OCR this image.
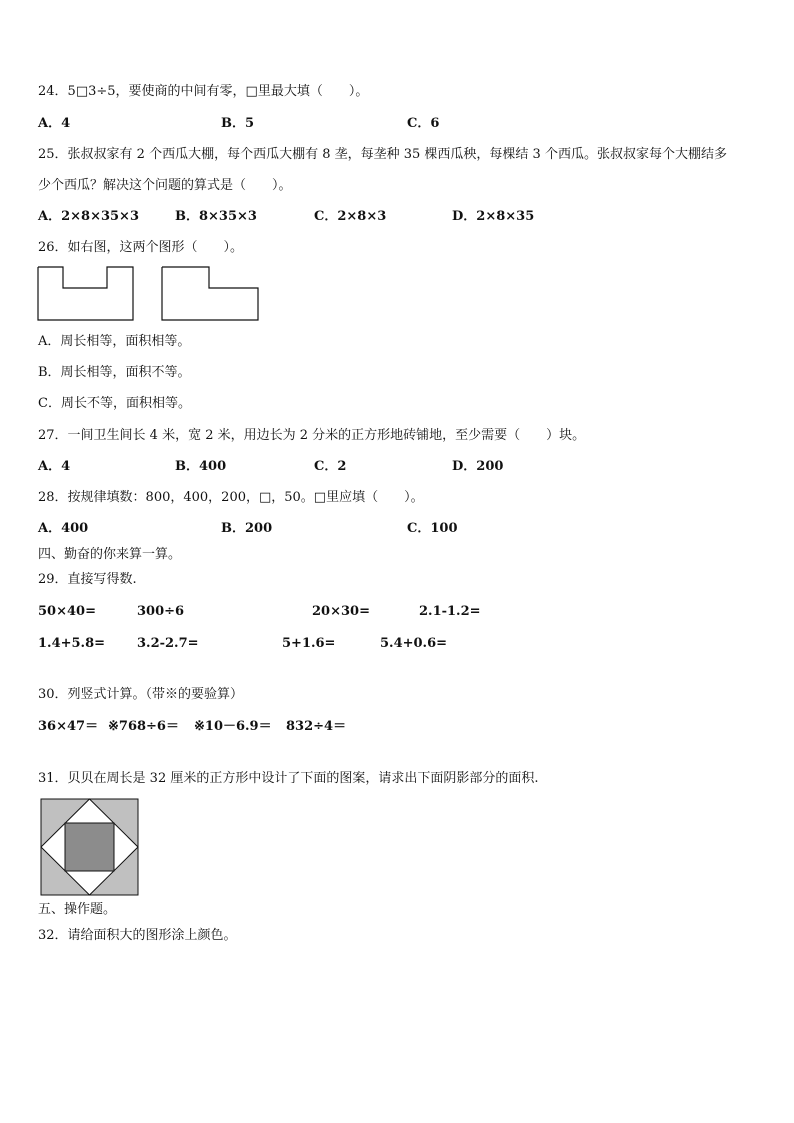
24．5□3÷5，要使商的中间有零，□里最大填（　　）。
A．4	B．5	C．6
25．张叔叔家有 2 个西瓜大棚，每个西瓜大棚有 8 垄，每垄种 35 棵西瓜秧，每棵结 3 个西瓜。张叔叔家每个大棚结多
少个西瓜？解决这个问题的算式是（　　）。
A．2×8×35×3	B．8×35×3	C．2×8×3	D．2×8×35
26．如右图，这两个图形（　　）。
A．周长相等，面积相等。
B．周长相等，面积不等。
C．周长不等，面积相等。
27．一间卫生间长 4 米，宽 2 米，用边长为 2 分米的正方形地砖铺地，至少需要（　　）块。
A．4	B．400	C．2	D．200
28．按规律填数：800，400，200，□，50。□里应填（　　）。
A．400	B．200	C．100
四、勤奋的你来算一算。
29．直接写得数.
50×40=	300÷6	20×30=	2.1-1.2=
1.4+5.8= 3.2-2.7=	5+1.6=	5.4+0.6=
30．列竖式计算。（带※的要验算）
36×47＝ ※768÷6＝ ※10－6.9＝ 832÷4＝
31．贝贝在周长是 32 厘米的正方形中设计了下面的图案，请求出下面阴影部分的面积.
五、操作题。
32．请给面积大的图形涂上颜色。
